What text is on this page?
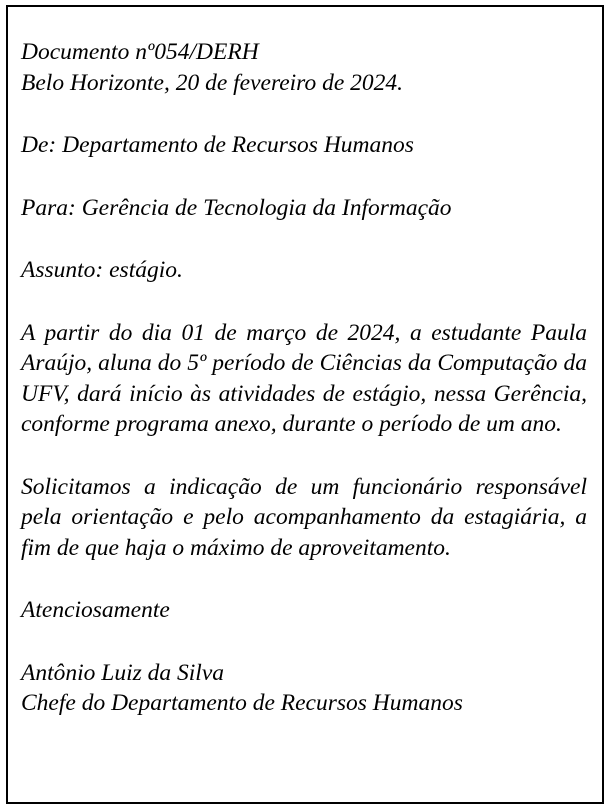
Documento nº054/DERH
Belo Horizonte, 20 de fevereiro de 2024.
De: Departamento de Recursos Humanos
Para: Gerência de Tecnologia da Informação
Assunto: estágio.

A partir do dia 01 de março de 2024, a estudante Paula Araújo, aluna do 5º período de Ciências da Computação da UFV, dará início às atividades de estágio, nessa Gerência, conforme programa anexo, durante o período de um ano.

Solicitamos a indicação de um funcionário responsável pela orientação e pelo acompanhamento da estagiária, a fim de que haja o máximo de aproveitamento.

Atenciosamente
Antônio Luiz da Silva
Chefe do Departamento de Recursos Humanos
